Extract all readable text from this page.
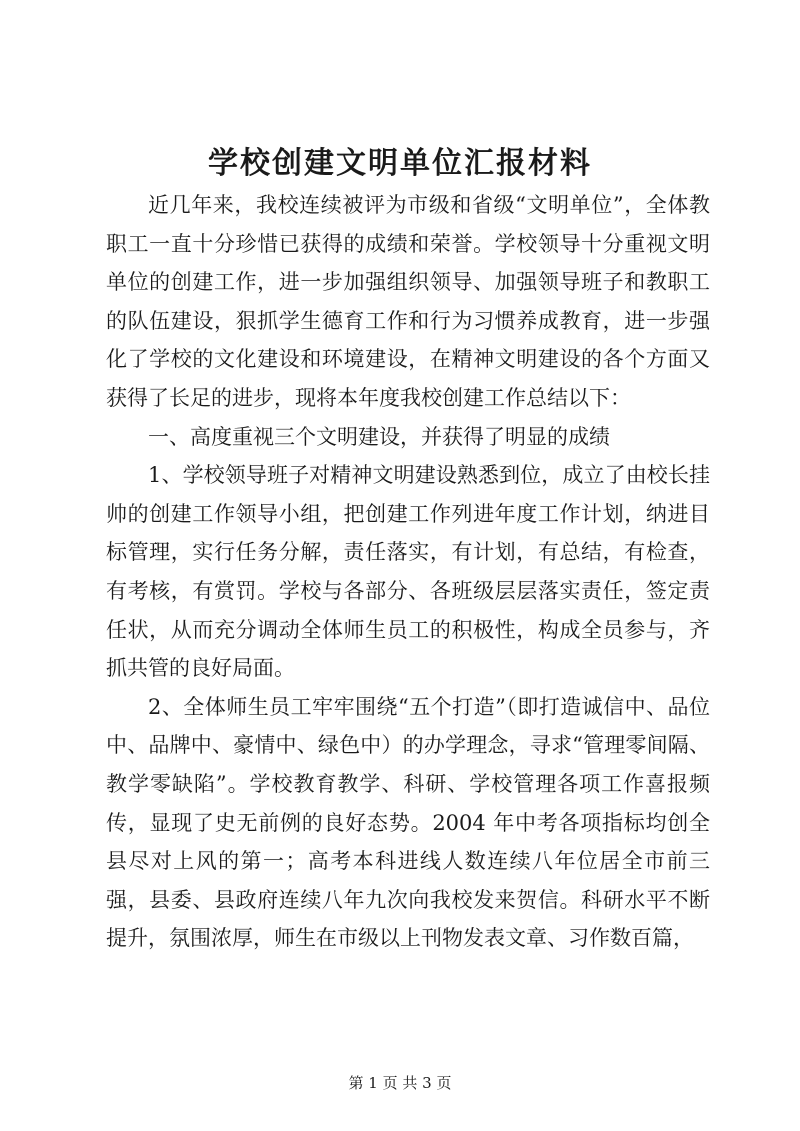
学校创建文明单位汇报材料

近几年来，我校连续被评为市级和省级“文明单位”，全体教职工一直十分珍惜已获得的成绩和荣誉。学校领导十分重视文明单位的创建工作，进一步加强组织领导、加强领导班子和教职工的队伍建设，狠抓学生德育工作和行为习惯养成教育，进一步强化了学校的文化建设和环境建设，在精神文明建设的各个方面又获得了长足的进步，现将本年度我校创建工作总结以下：

一、高度重视三个文明建设，并获得了明显的成绩

1、学校领导班子对精神文明建设熟悉到位，成立了由校长挂帅的创建工作领导小组，把创建工作列进年度工作计划，纳进目标管理，实行任务分解，责任落实，有计划，有总结，有检查，有考核，有赏罚。学校与各部分、各班级层层落实责任，签定责任状，从而充分调动全体师生员工的积极性，构成全员参与，齐抓共管的良好局面。

2、全体师生员工牢牢围绕“五个打造”（即打造诚信中、品位中、品牌中、豪情中、绿色中）的办学理念，寻求“管理零间隔、教学零缺陷”。学校教育教学、科研、学校管理各项工作喜报频传，显现了史无前例的良好态势。2004 年中考各项指标均创全县尽对上风的第一；高考本科进线人数连续八年位居全市前三强，县委、县政府连续八年九次向我校发来贺信。科研水平不断提升，氛围浓厚，师生在市级以上刊物发表文章、习作数百篇，

第 1 页 共 3 页
